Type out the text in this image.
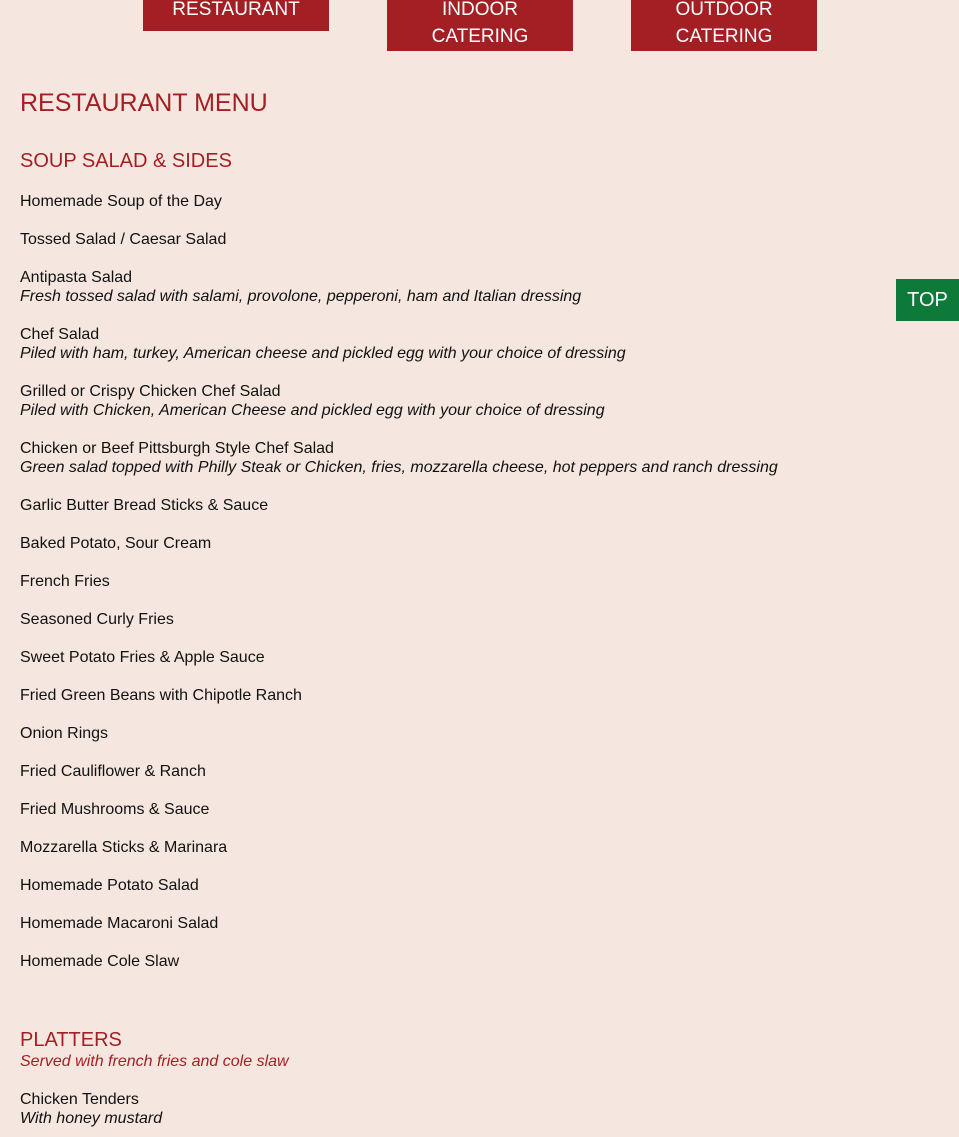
RESTAURANT	INDOOR
CATERING
OUTDOOR
CATERING
TOP
RESTAURANT MENU
SOUP SALAD & SIDES
Homemade Soup of the Day
Tossed Salad / Caesar Salad
Antipasta Salad
Fresh tossed salad with salami, provolone, pepperoni, ham and Italian dressing
Chef Salad
Piled with ham, turkey, American cheese and pickled egg with your choice of dressing
Grilled or Crispy Chicken Chef Salad
Piled with Chicken, American Cheese and pickled egg with your choice of dressing
Chicken or Beef Pittsburgh Style Chef Salad
Green salad topped with Philly Steak or Chicken, fries, mozzarella cheese, hot peppers and ranch dressing
Garlic Butter Bread Sticks & Sauce
Baked Potato, Sour Cream
French Fries
Seasoned Curly Fries
Sweet Potato Fries & Apple Sauce
Fried Green Beans with Chipotle Ranch
Onion Rings
Fried Cauliflower & Ranch
Fried Mushrooms & Sauce
Mozzarella Sticks & Marinara
Homemade Potato Salad
Homemade Macaroni Salad
Homemade Cole Slaw
PLATTERS

Served with french fries and cole slaw

Chicken Tenders
With honey mustard
